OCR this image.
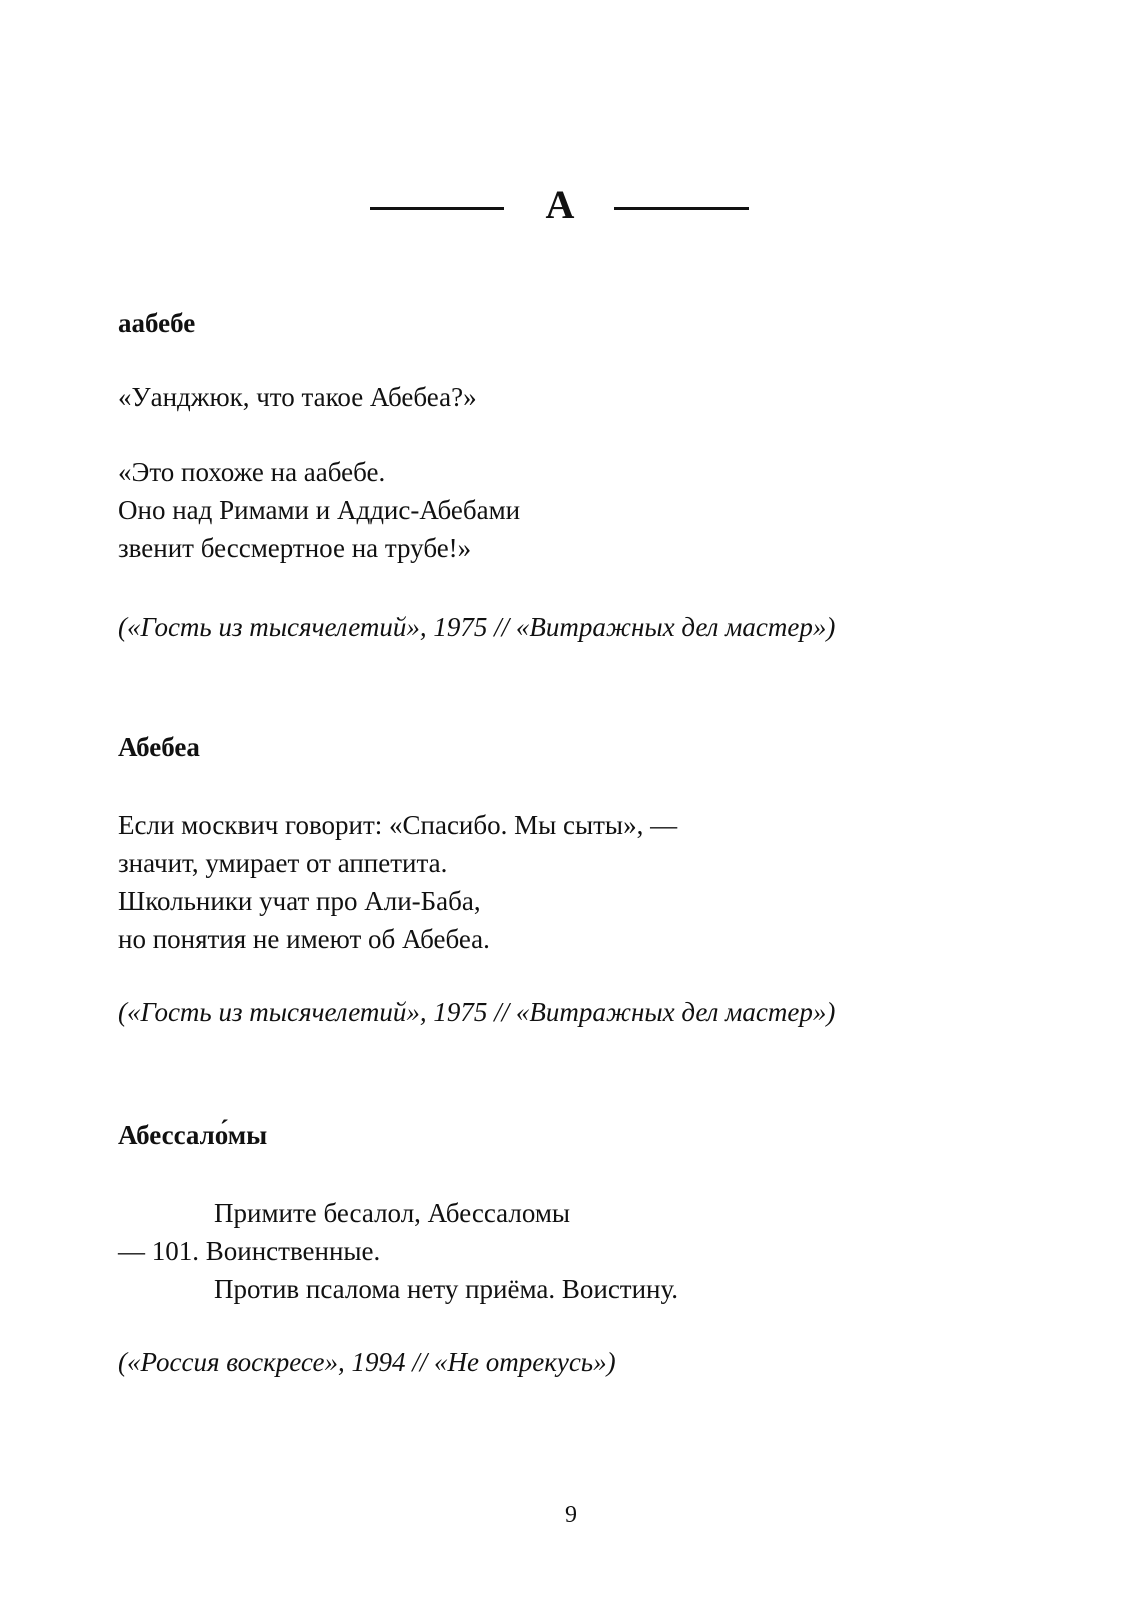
А

аабебе

«Уанджюк, что такое Абебеа?»
«Это похоже на аабебе.
Оно над Римами и Аддис-Абебами
звенит бессмертное на трубе!»

(«Гость из тысячелетий», 1975 // «Витражных дел мастер»)

Абебеа

Если москвич говорит: «Спасибо. Мы сыты», —
значит, умирает от аппетита.
Школьники учат про Али-Баба,
но понятия не имеют об Абебеа.

(«Гость из тысячелетий», 1975 // «Витражных дел мастер»)

Абессало́мы

Примите бесалол, Абессаломы
— 101. Воинственные.
Против псалома нету приёма. Воистину.

(«Россия воскресе», 1994 // «Не отрекусь»)

9
